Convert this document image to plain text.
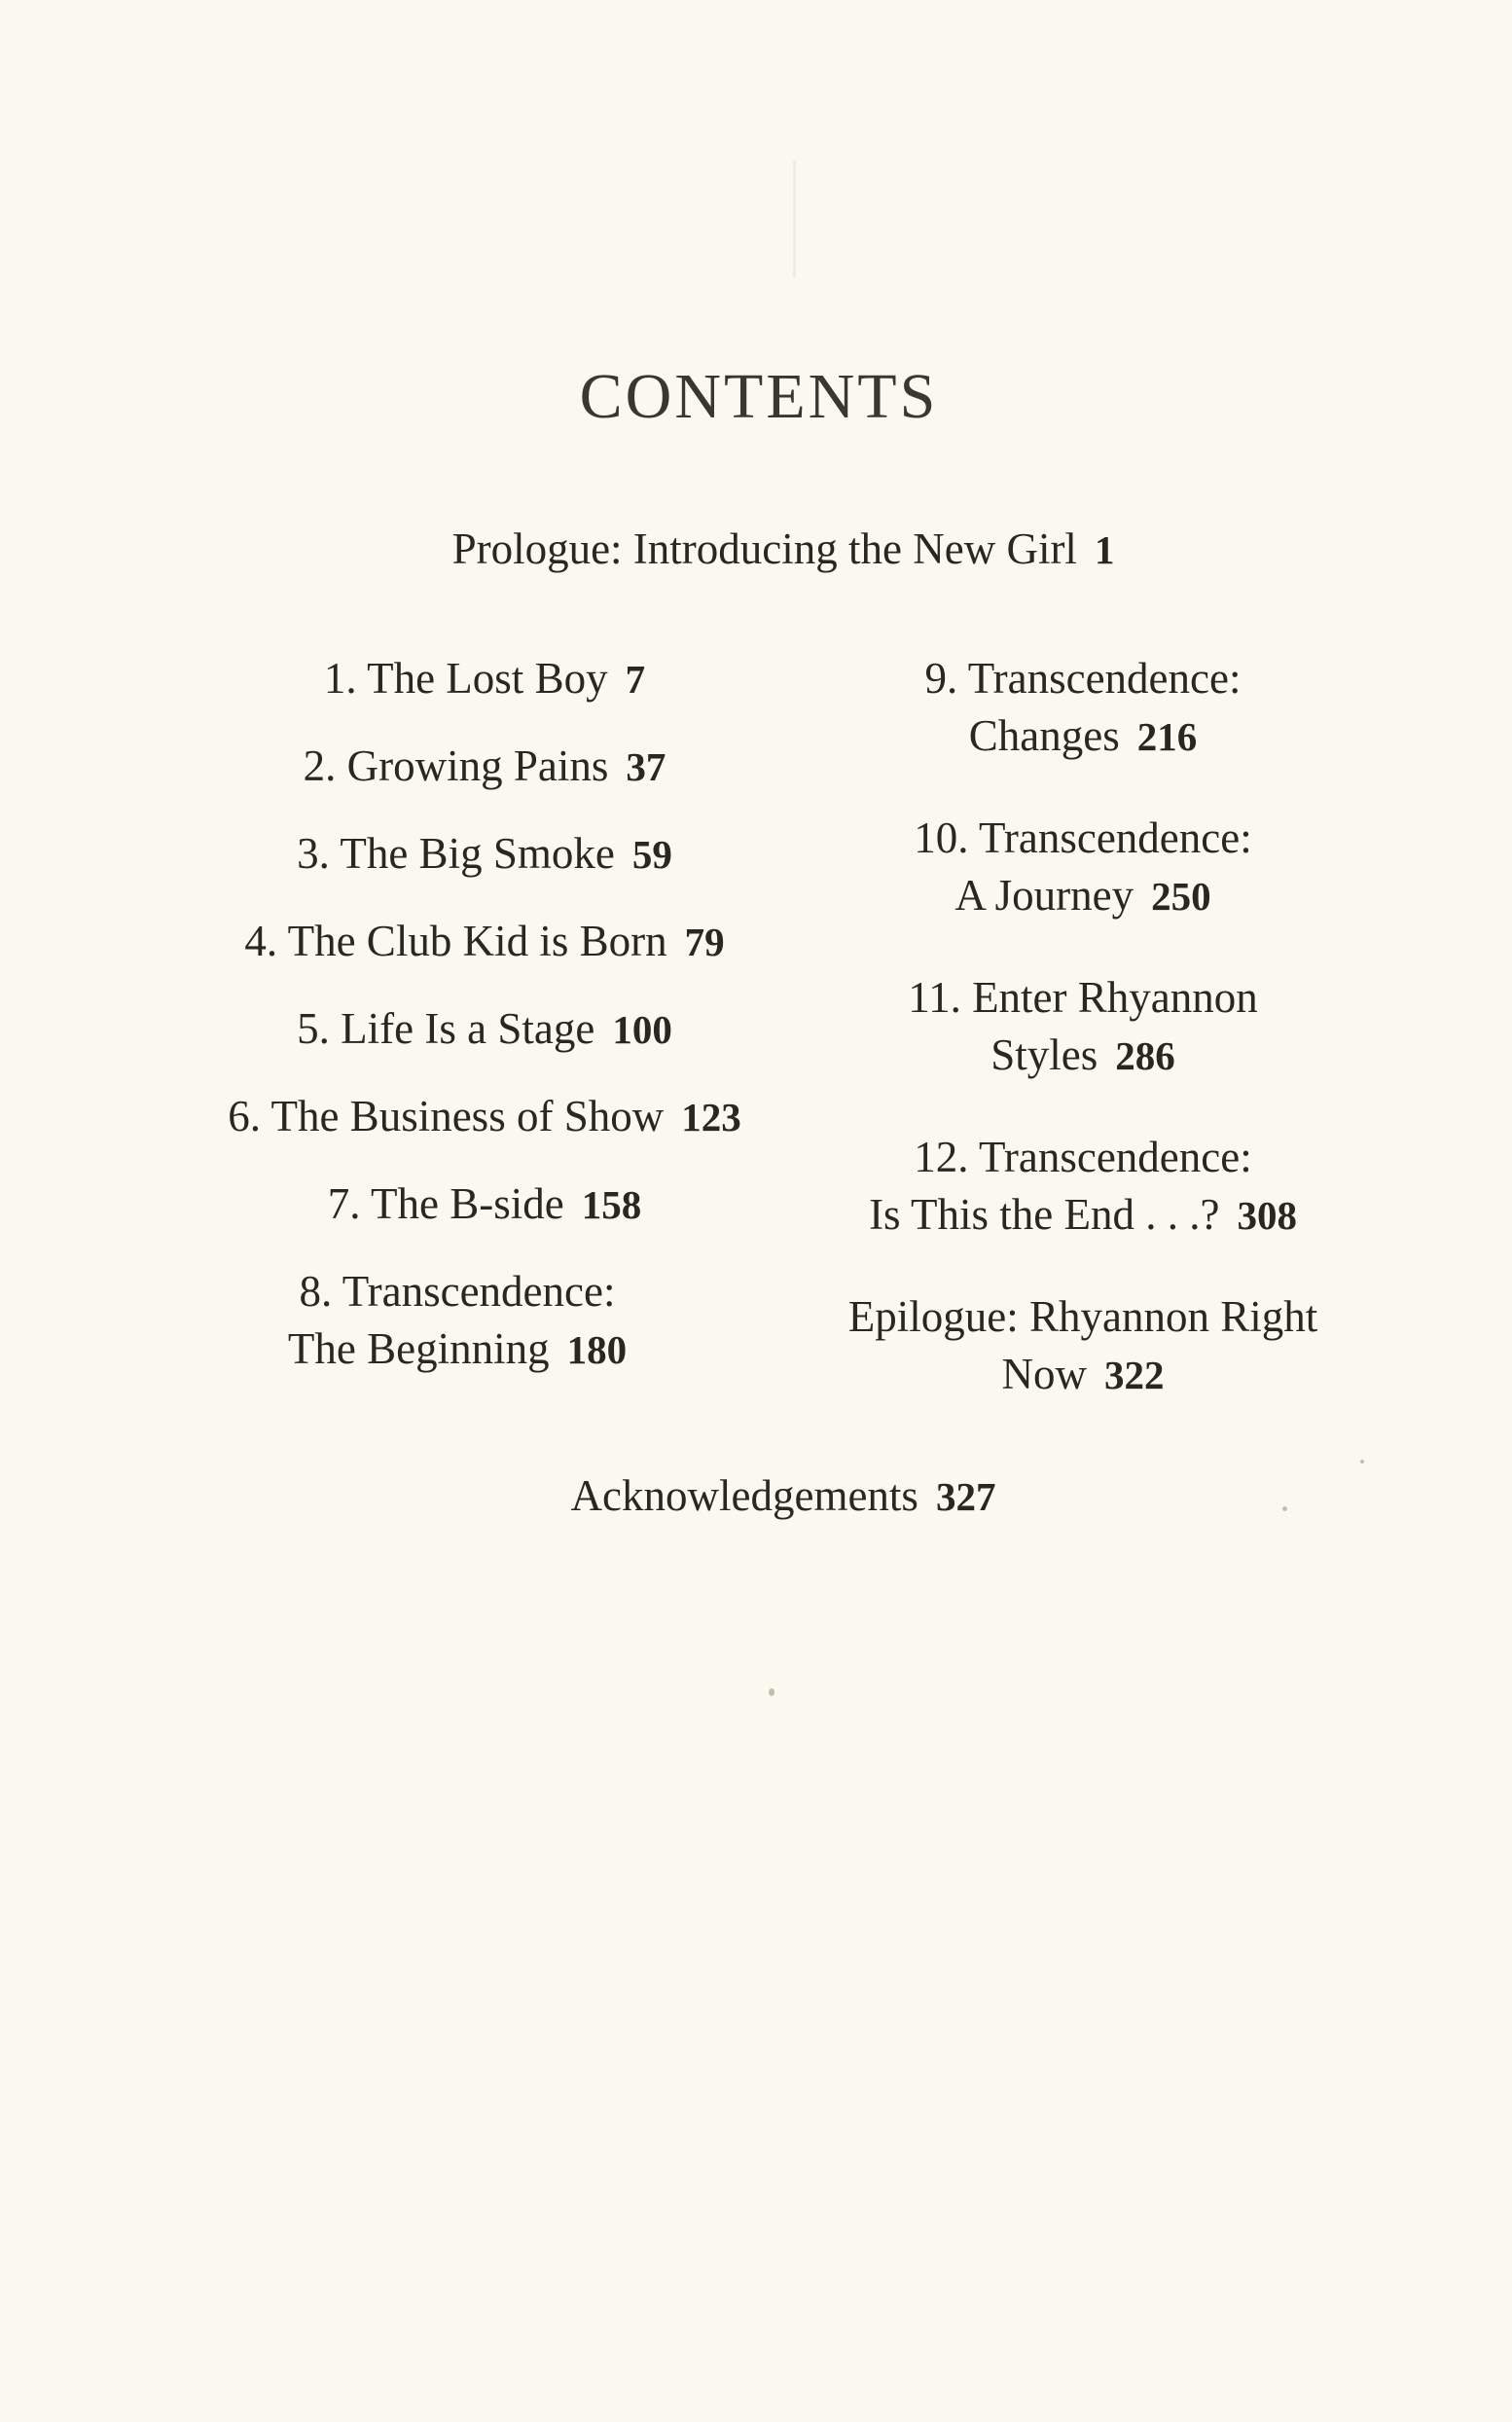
CONTENTS
Prologue: Introducing the New Girl 1
1. The Lost Boy 7
2. Growing Pains 37
3. The Big Smoke 59
4. The Club Kid is Born 79
5. Life Is a Stage 100
6. The Business of Show 123
7. The B-side 158
8. Transcendence:
The Beginning 180
9. Transcendence:
Changes 216
10. Transcendence:
A Journey 250
11. Enter Rhyannon
Styles 286
12. Transcendence:
Is This the End . . .? 308
Epilogue: Rhyannon Right
Now 322
Acknowledgements 327
